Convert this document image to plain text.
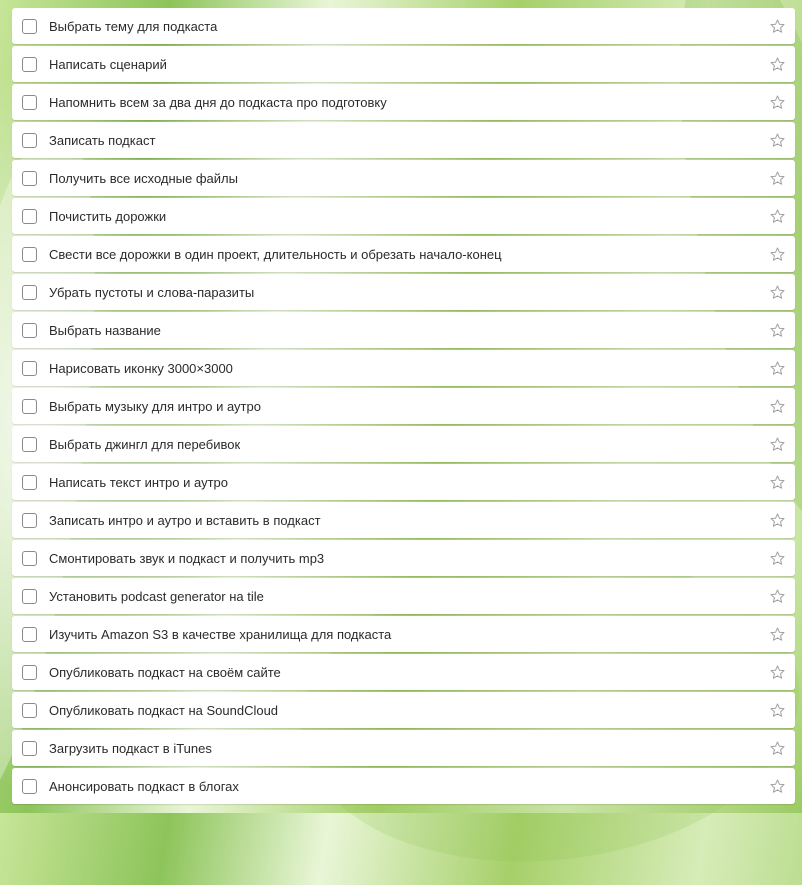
Выбрать тему для подкаста
Написать сценарий
Напомнить всем за два дня до подкаста про подготовку
Записать подкаст
Получить все исходные файлы
Почистить дорожки
Свести все дорожки в один проект, длительность и обрезать начало-конец
Убрать пустоты и слова-паразиты
Выбрать название
Нарисовать иконку 3000×3000
Выбрать музыку для интро и аутро
Выбрать джингл для перебивок
Написать текст интро и аутро
Записать интро и аутро и вставить в подкаст
Смонтировать звук и подкаст и получить mp3
Установить podcast generator на tile
Изучить Amazon S3 в качестве хранилища для подкаста
Опубликовать подкаст на своём сайте
Опубликовать подкаст на SoundCloud
Загрузить подкаст в iTunes
Анонсировать подкаст в блогах
